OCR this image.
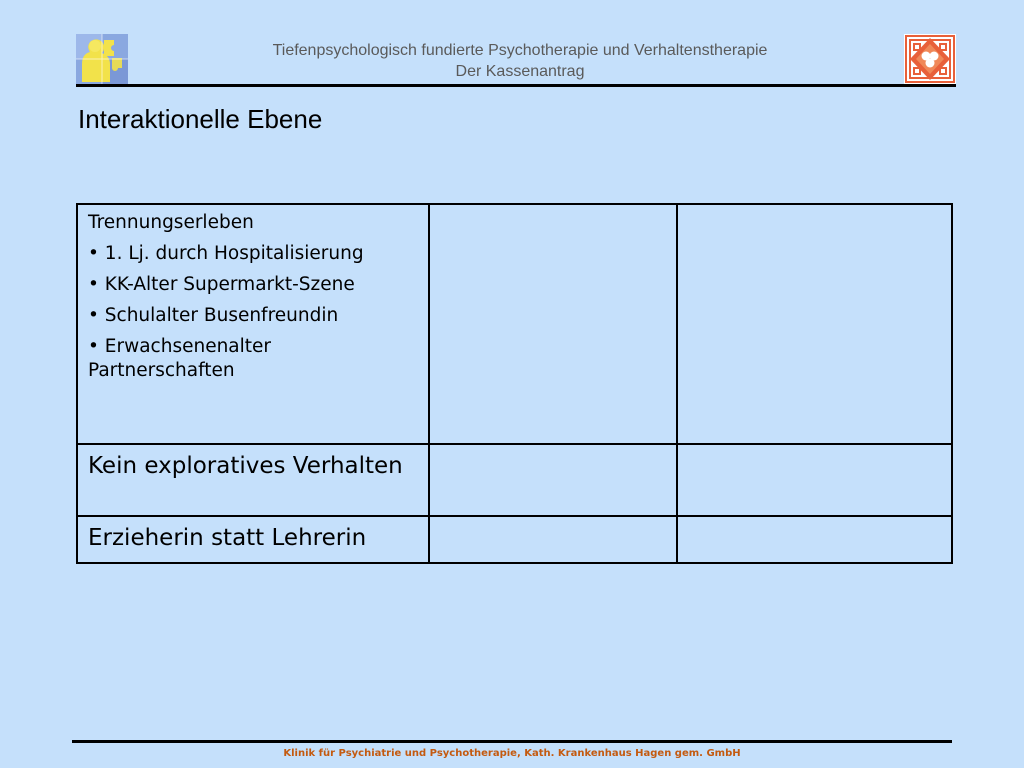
Tiefenpsychologisch fundierte Psychotherapie und Verhaltenstherapie
Der Kassenantrag
Interaktionelle Ebene
Trennungserleben
• 1. Lj. durch Hospitalisierung
• KK-Alter Supermarkt-Szene
• Schulalter Busenfreundin
• Erwachsenenalter Partnerschaften		

Kein exploratives Verhalten		

Erzieherin statt Lehrerin		

Klinik für Psychiatrie und Psychotherapie, Kath. Krankenhaus Hagen gem. GmbH
